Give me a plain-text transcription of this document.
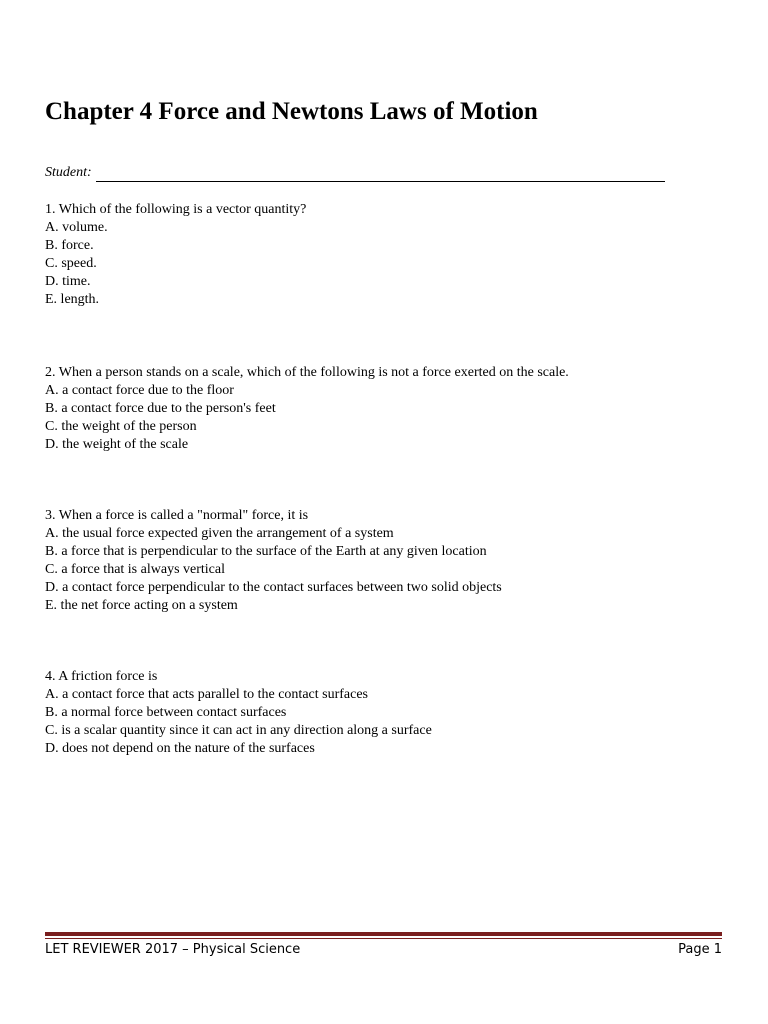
Chapter 4 Force and Newtons Laws of Motion
Student:
1. Which of the following is a vector quantity?
A. volume.
B. force.
C. speed.
D. time.
E. length.
2. When a person stands on a scale, which of the following is not a force exerted on the scale.
A. a contact force due to the floor
B. a contact force due to the person's feet
C. the weight of the person
D. the weight of the scale
3. When a force is called a "normal" force, it is
A. the usual force expected given the arrangement of a system
B. a force that is perpendicular to the surface of the Earth at any given location
C. a force that is always vertical
D. a contact force perpendicular to the contact surfaces between two solid objects
E. the net force acting on a system
4. A friction force is
A. a contact force that acts parallel to the contact surfaces
B. a normal force between contact surfaces
C. is a scalar quantity since it can act in any direction along a surface
D. does not depend on the nature of the surfaces
LET REVIEWER 2017 – Physical Science	Page 1
